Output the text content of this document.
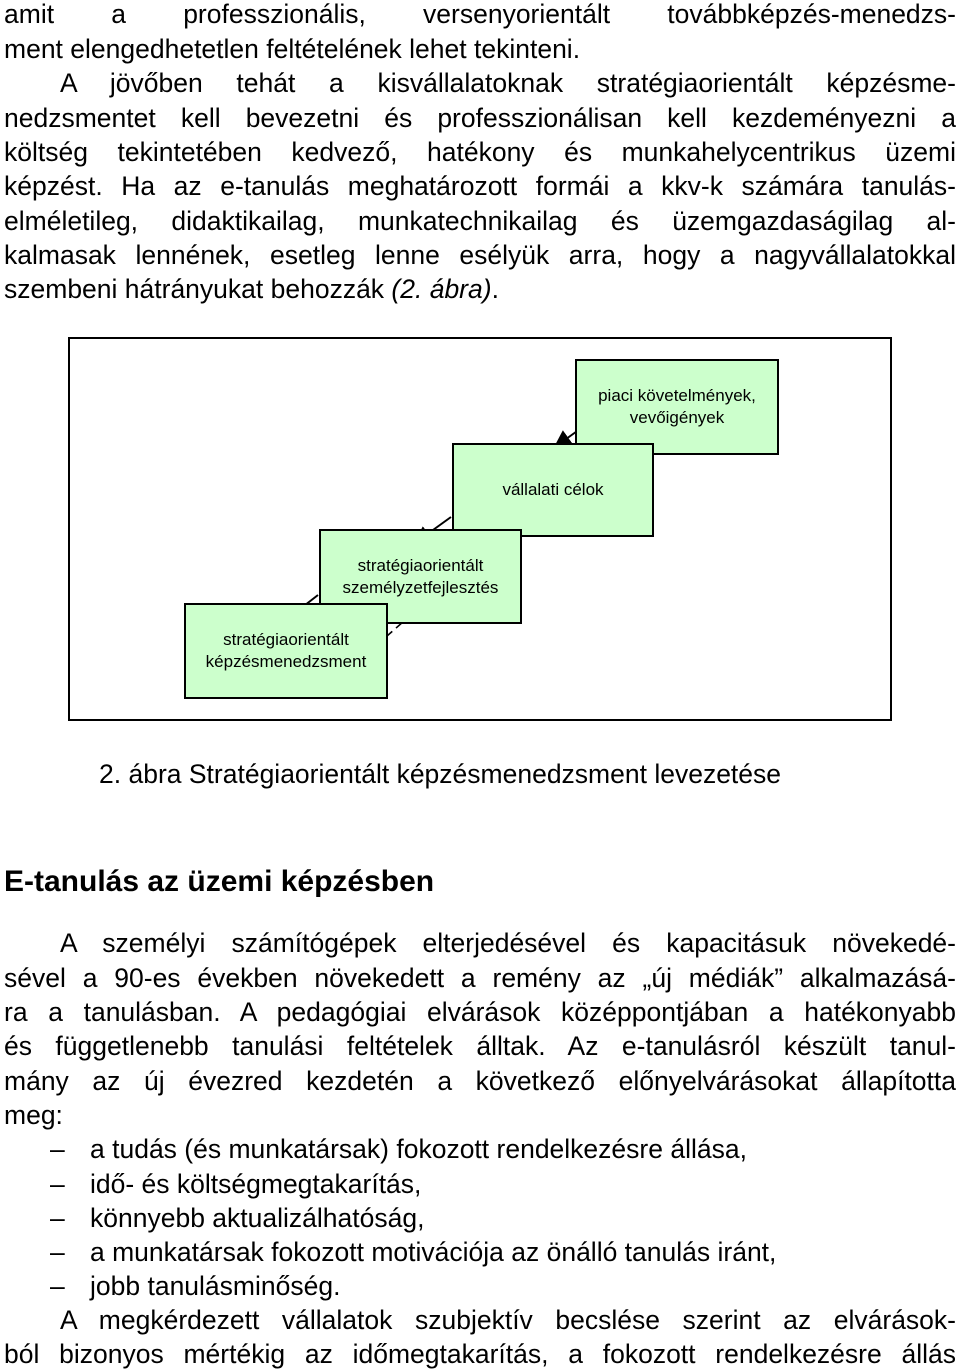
amit a professzionális, versenyorientált továbbképzés-menedzs-
ment elengedhetetlen feltételének lehet tekinteni.
A jövőben tehát a kisvállalatoknak stratégiaorientált képzésme-
nedzsmentet kell bevezetni és professzionálisan kell kezdeményezni a
költség tekintetében kedvező, hatékony és munkahelycentrikus üzemi
képzést. Ha az e-tanulás meghatározott formái a kkv-k számára tanulás-
elméletileg, didaktikailag, munkatechnikailag és üzemgazdaságilag al-
kalmasak lennének, esetleg lenne esélyük arra, hogy a nagyvállalatokkal
szembeni hátrányukat behozzák (2. ábra).
piaci követelmények,
vevőigények
vállalati célok
stratégiaorientált
személyzetfejlesztés
stratégiaorientált
képzésmenedzsment
2. ábra Stratégiaorientált képzésmenedzsment levezetése
E-tanulás az üzemi képzésben
A személyi számítógépek elterjedésével és kapacitásuk növekedé-
sével a 90-es években növekedett a remény az „új médiák” alkalmazásá-
ra a tanulásban. A pedagógiai elvárások középpontjában a hatékonyabb
és függetlenebb tanulási feltételek álltak. Az e-tanulásról készült tanul-
mány az új évezred kezdetén a következő előnyelvárásokat állapította
meg:
– a tudás (és munkatársak) fokozott rendelkezésre állása,
– idő- és költségmegtakarítás,
– könnyebb aktualizálhatóság,
– a munkatársak fokozott motivációja az önálló tanulás iránt,
– jobb tanulásminőség.
A megkérdezett vállalatok szubjektív becslése szerint az elvárások-
ból bizonyos mértékig az időmegtakarítás, a fokozott rendelkezésre állás
